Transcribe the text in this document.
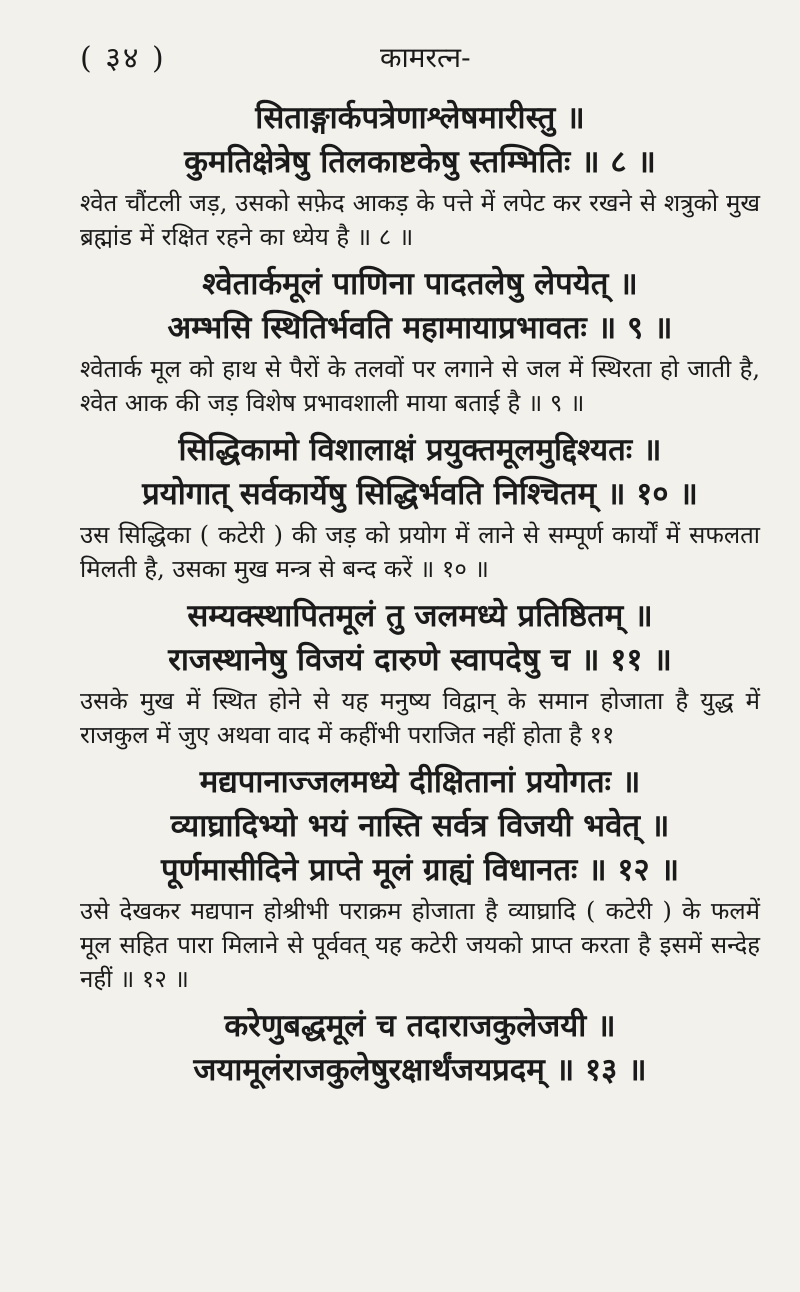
( ३४ )	कामरत्न-
सिताङ्गार्कपत्रेणाश्लेषमारीस्तु ॥
कुमतिक्षेत्रेषु तिलकाष्टकेषु स्तम्भितिः ॥ ८ ॥
श्वेत चौंटली जड़, उसको सफ़ेद आकड़ के पत्ते में लपेट कर रखने से शत्रुको मुख ब्रह्मांड में रक्षित रहने का ध्येय है ॥ ८ ॥
श्वेतार्कमूलं पाणिना पादतलेषु लेपयेत् ॥
अम्भसि स्थितिर्भवति महामायाप्रभावतः ॥ ९ ॥
श्वेतार्क मूल को हाथ से पैरों के तलवों पर लगाने से जल में स्थिरता हो जाती है, श्वेत आक की जड़ विशेष प्रभावशाली माया बताई है ॥ ९ ॥
सिद्धिकामो विशालाक्षं प्रयुक्तमूलमुद्दिश्यतः ॥
प्रयोगात् सर्वकार्येषु सिद्धिर्भवति निश्चितम् ॥ १० ॥
उस सिद्धिका ( कटेरी ) की जड़ को प्रयोग में लाने से सम्पूर्ण कार्यों में सफलता मिलती है, उसका मुख मन्त्र से बन्द करें ॥ १० ॥
सम्यक्स्थापितमूलं तु जलमध्ये प्रतिष्ठितम् ॥
राजस्थानेषु विजयं दारुणे स्वापदेषु च ॥ ११ ॥
उसके मुख में स्थित होने से यह मनुष्य विद्वान् के समान होजाता है युद्ध में राजकुल में जुए अथवा वाद में कहींभी पराजित नहीं होता है ११
मद्यपानाज्जलमध्ये दीक्षितानां प्रयोगतः ॥
व्याघ्रादिभ्यो भयं नास्ति सर्वत्र विजयी भवेत् ॥
पूर्णमासीदिने प्राप्ते मूलं ग्राह्यं विधानतः ॥ १२ ॥
उसे देखकर मद्यपान होश्रीभी पराक्रम होजाता है व्याघ्रादि ( कटेरी ) के फलमें मूल सहित पारा मिलाने से पूर्ववत् यह कटेरी जयको प्राप्त करता है इसमें सन्देह नहीं ॥ १२ ॥
करेणुबद्धमूलं च तदाराजकुलेजयी ॥
जयामूलंराजकुलेषुरक्षार्थंजयप्रदम् ॥ १३ ॥
